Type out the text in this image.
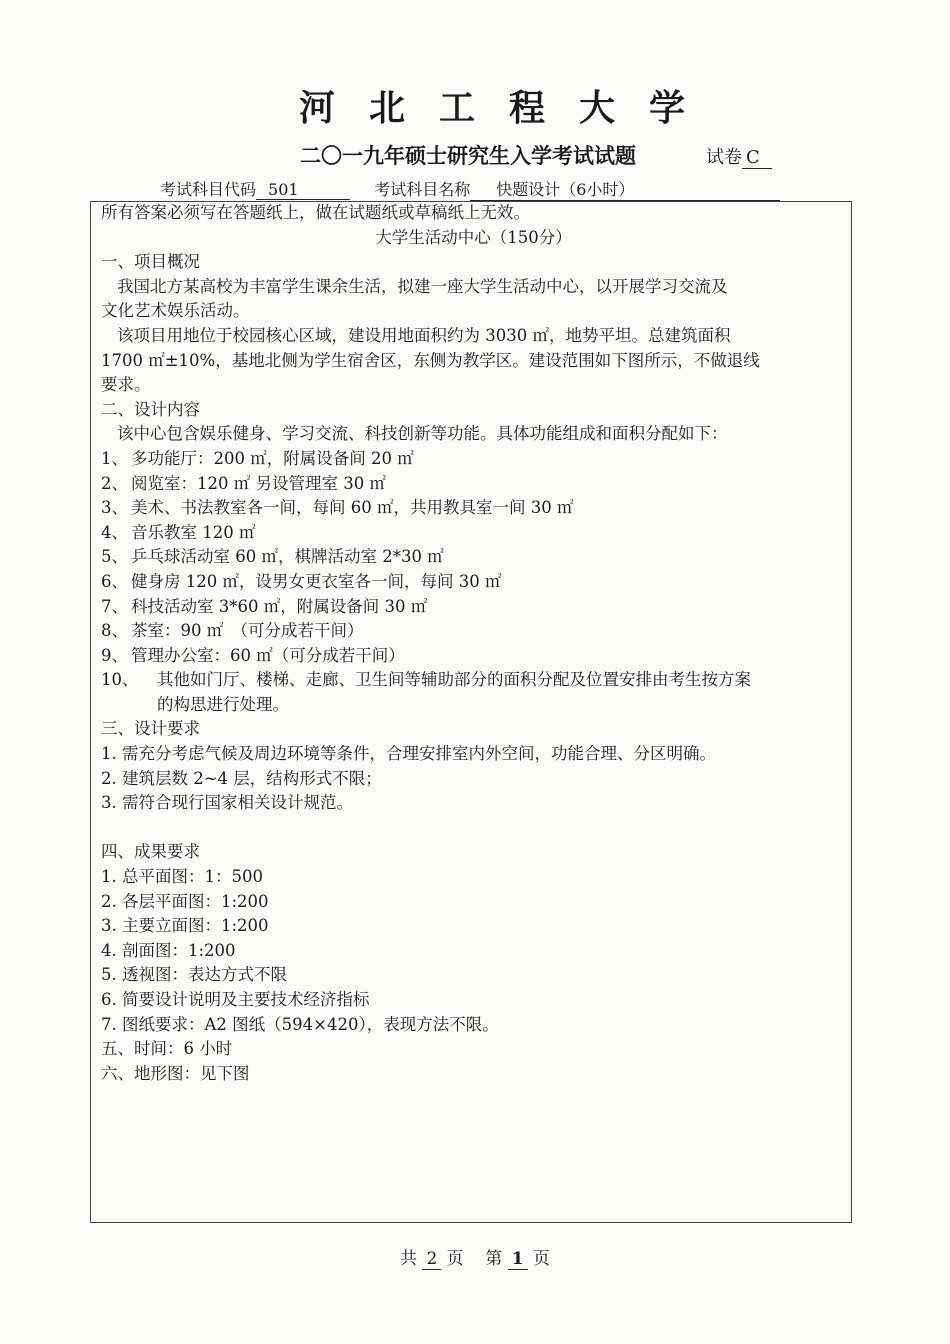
河北工程大学
二〇一九年硕士研究生入学考试试题	试卷 C
考试科目代码 501	考试科目名称 快题设计（6小时）
所有答案必须写在答题纸上，做在试题纸或草稿纸上无效。
大学生活动中心（150分）
一、项目概况
我国北方某高校为丰富学生课余生活，拟建一座大学生活动中心，以开展学习交流及
文化艺术娱乐活动。
该项目用地位于校园核心区域，建设用地面积约为 3030 ㎡，地势平坦。总建筑面积
1700 ㎡±10%，基地北侧为学生宿舍区，东侧为教学区。建设范围如下图所示，不做退线
要求。
二、设计内容
该中心包含娱乐健身、学习交流、科技创新等功能。具体功能组成和面积分配如下：
1、 多功能厅：200 ㎡，附属设备间 20 ㎡
2、 阅览室：120 ㎡ 另设管理室 30 ㎡
3、 美术、书法教室各一间，每间 60 ㎡，共用教具室一间 30 ㎡
4、 音乐教室 120 ㎡
5、 乒乓球活动室 60 ㎡，棋牌活动室 2*30 ㎡
6、 健身房 120 ㎡，设男女更衣室各一间，每间 30 ㎡
7、 科技活动室 3*60 ㎡，附属设备间 30 ㎡
8、 茶室：90 ㎡　（可分成若干间）
9、 管理办公室：60 ㎡（可分成若干间）
10、 其他如门厅、楼梯、走廊、卫生间等辅助部分的面积分配及位置安排由考生按方案
的构思进行处理。
三、设计要求
1. 需充分考虑气候及周边环境等条件，合理安排室内外空间，功能合理、分区明确。
2. 建筑层数 2~4 层，结构形式不限；
3. 需符合现行国家相关设计规范。
四、成果要求
1. 总平面图：1：500
2. 各层平面图：1:200
3. 主要立面图：1:200
4. 剖面图：1:200
5. 透视图：表达方式不限
6. 简要设计说明及主要技术经济指标
7. 图纸要求：A2 图纸（594×420），表现方法不限。
五、时间：6 小时
六、地形图：见下图
共 2 页 第 1 页
